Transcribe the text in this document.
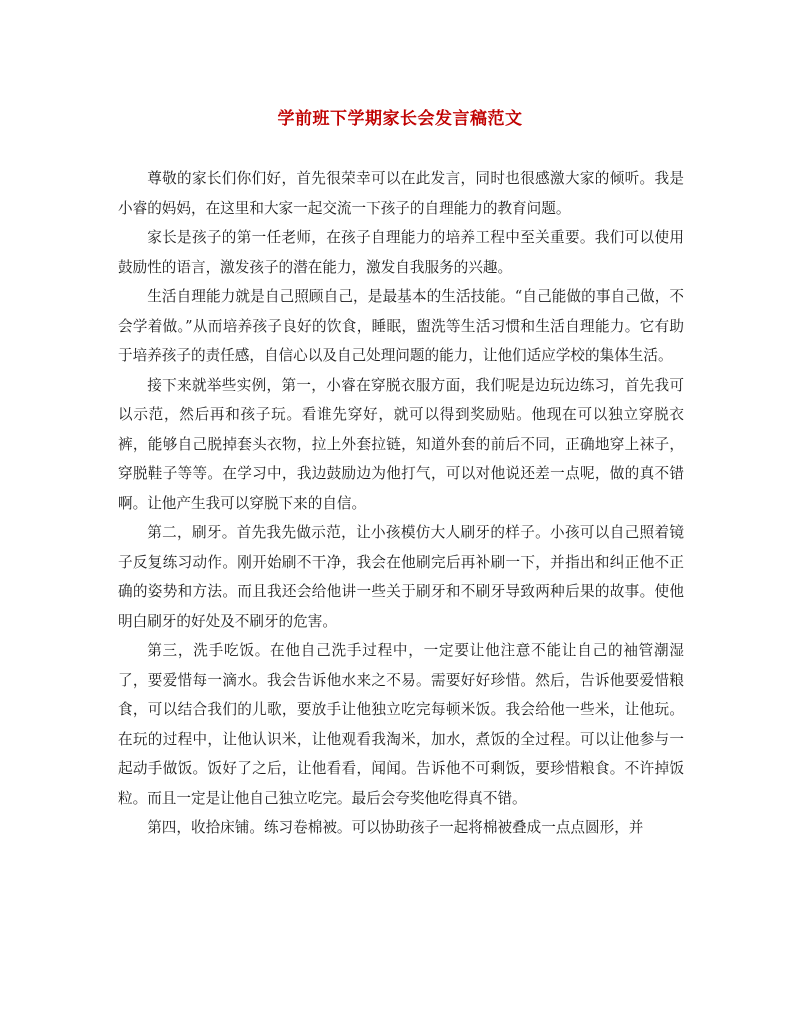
学前班下学期家长会发言稿范文

尊敬的家长们你们好，首先很荣幸可以在此发言，同时也很感激大家的倾听。我是小睿的妈妈，在这里和大家一起交流一下孩子的自理能力的教育问题。

家长是孩子的第一任老师，在孩子自理能力的培养工程中至关重要。我们可以使用鼓励性的语言，激发孩子的潜在能力，激发自我服务的兴趣。

生活自理能力就是自己照顾自己，是最基本的生活技能。“自己能做的事自己做，不会学着做。”从而培养孩子良好的饮食，睡眠，盥洗等生活习惯和生活自理能力。它有助于培养孩子的责任感，自信心以及自己处理问题的能力，让他们适应学校的集体生活。

接下来就举些实例，第一，小睿在穿脱衣服方面，我们呢是边玩边练习，首先我可以示范，然后再和孩子玩。看谁先穿好，就可以得到奖励贴。他现在可以独立穿脱衣裤，能够自己脱掉套头衣物，拉上外套拉链，知道外套的前后不同，正确地穿上袜子，穿脱鞋子等等。在学习中，我边鼓励边为他打气，可以对他说还差一点呢，做的真不错啊。让他产生我可以穿脱下来的自信。

第二，刷牙。首先我先做示范，让小孩模仿大人刷牙的样子。小孩可以自己照着镜子反复练习动作。刚开始刷不干净，我会在他刷完后再补刷一下，并指出和纠正他不正确的姿势和方法。而且我还会给他讲一些关于刷牙和不刷牙导致两种后果的故事。使他明白刷牙的好处及不刷牙的危害。

第三，洗手吃饭。在他自己洗手过程中，一定要让他注意不能让自己的袖管潮湿了，要爱惜每一滴水。我会告诉他水来之不易。需要好好珍惜。然后，告诉他要爱惜粮食，可以结合我们的儿歌，要放手让他独立吃完每顿米饭。我会给他一些米，让他玩。在玩的过程中，让他认识米，让他观看我淘米，加水，煮饭的全过程。可以让他参与一起动手做饭。饭好了之后，让他看看，闻闻。告诉他不可剩饭，要珍惜粮食。不许掉饭粒。而且一定是让他自己独立吃完。最后会夸奖他吃得真不错。

第四，收拾床铺。练习卷棉被。可以协助孩子一起将棉被叠成一点点圆形，并
